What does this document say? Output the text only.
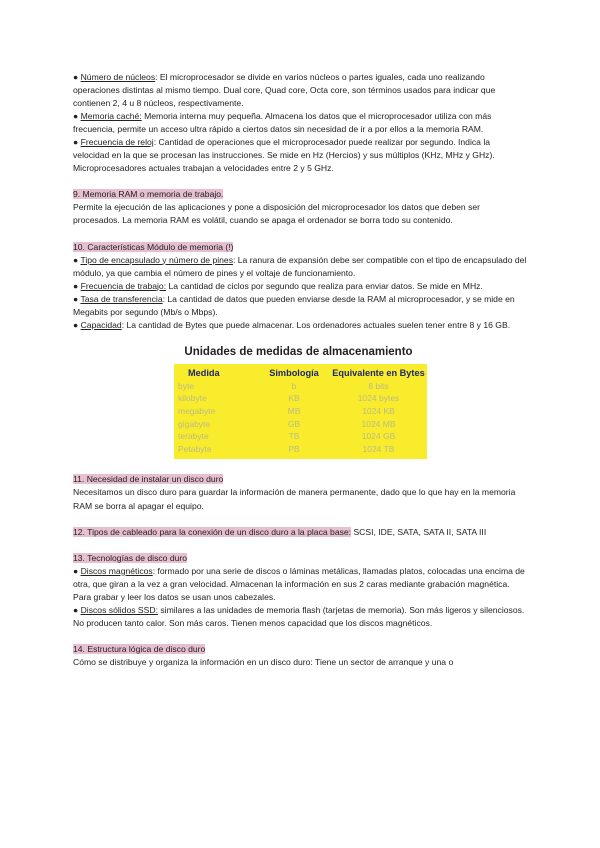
● Número de núcleos: El microprocesador se divide en varios núcleos o partes iguales, cada uno realizando operaciones distintas al mismo tiempo. Dual core, Quad core, Octa core, son términos usados para indicar que contienen 2, 4 u 8 núcleos, respectivamente.

● Memoria caché: Memoria interna muy pequeña. Almacena los datos que el microprocesador utiliza con más frecuencia, permite un acceso ultra rápido a ciertos datos sin necesidad de ir a por ellos a la memoria RAM.

● Frecuencia de reloj: Cantidad de operaciones que el microprocesador puede realizar por segundo. Indica la velocidad en la que se procesan las instrucciones. Se mide en Hz (Hercios) y sus múltiplos (KHz, MHz y GHz). Microprocesadores actuales trabajan a velocidades entre 2 y 5 GHz.

9. Memoria RAM o memoria de trabajo.

Permite la ejecución de las aplicaciones y pone a disposición del microprocesador los datos que deben ser procesados. La memoria RAM es volátil, cuando se apaga el ordenador se borra todo su contenido.

10. Características Módulo de memoria (!)

● Tipo de encapsulado y número de pines: La ranura de expansión debe ser compatible con el tipo de encapsulado del módulo, ya que cambia el número de pines y el voltaje de funcionamiento.

● Frecuencia de trabajo: La cantidad de ciclos por segundo que realiza para enviar datos. Se mide en MHz.

● Tasa de transferencia: La cantidad de datos que pueden enviarse desde la RAM al microprocesador, y se mide en Megabits por segundo (Mb/s o Mbps).

● Capacidad: La cantidad de Bytes que puede almacenar. Los ordenadores actuales suelen tener entre 8 y 16 GB.

Unidades de medidas de almacenamiento
Medida	Simbología	Equivalente en Bytes
byte	b	8 bits
kilobyte	KB	1024 bytes
megabyte	MB	1024 KB
gigabyte	GB	1024 MB
terabyte	TB	1024 GB
Petabyte	PB	1024 TB

11. Necesidad de instalar un disco duro

Necesitamos un disco duro para guardar la información de manera permanente, dado que lo que hay en la memoria RAM se borra al apagar el equipo.

12. Tipos de cableado para la conexión de un disco duro a la placa base: SCSI, IDE, SATA, SATA II, SATA III

13. Tecnologías de disco duro

● Discos magnéticos: formado por una serie de discos o láminas metálicas, llamadas platos, colocadas una encima de otra, que giran a la vez a gran velocidad. Almacenan la información en sus 2 caras mediante grabación magnética. Para grabar y leer los datos se usan unos cabezales.

● Discos sólidos SSD: similares a las unidades de memoria flash (tarjetas de memoria). Son más ligeros y silenciosos. No producen tanto calor. Son más caros. Tienen menos capacidad que los discos magnéticos.

14. Estructura lógica de disco duro

Cómo se distribuye y organiza la información en un disco duro: Tiene un sector de arranque y una o
